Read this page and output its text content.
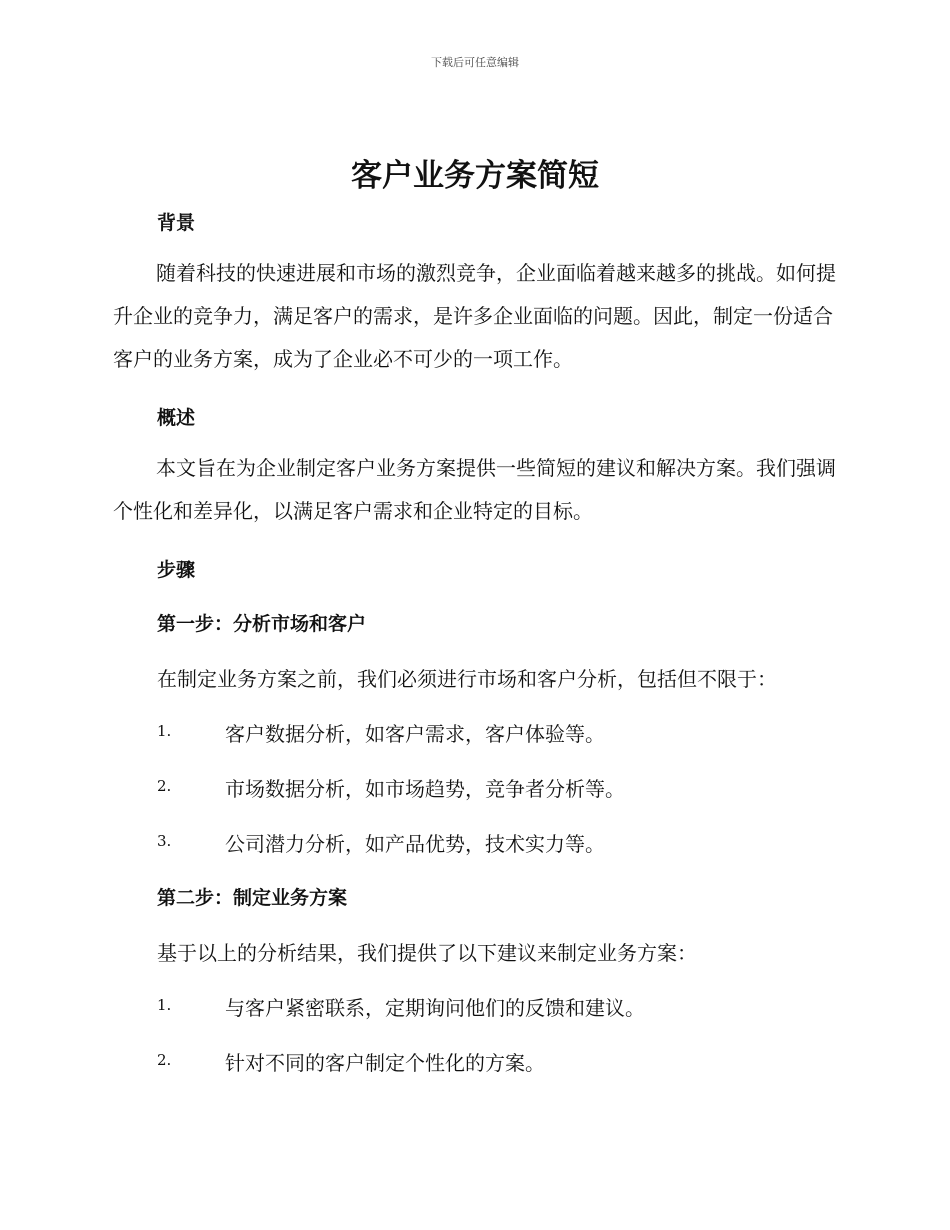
下载后可任意编辑
客户业务方案简短
背景
随着科技的快速进展和市场的激烈竞争，企业面临着越来越多的挑战。如何提升企业的竞争力，满足客户的需求，是许多企业面临的问题。因此，制定一份适合客户的业务方案，成为了企业必不可少的一项工作。
概述
本文旨在为企业制定客户业务方案提供一些简短的建议和解决方案。我们强调个性化和差异化，以满足客户需求和企业特定的目标。
步骤
第一步：分析市场和客户
在制定业务方案之前，我们必须进行市场和客户分析，包括但不限于：
1.	客户数据分析，如客户需求，客户体验等。
2.	市场数据分析，如市场趋势，竞争者分析等。
3.	公司潜力分析，如产品优势，技术实力等。
第二步：制定业务方案
基于以上的分析结果，我们提供了以下建议来制定业务方案：
1.	与客户紧密联系，定期询问他们的反馈和建议。
2.	针对不同的客户制定个性化的方案。
